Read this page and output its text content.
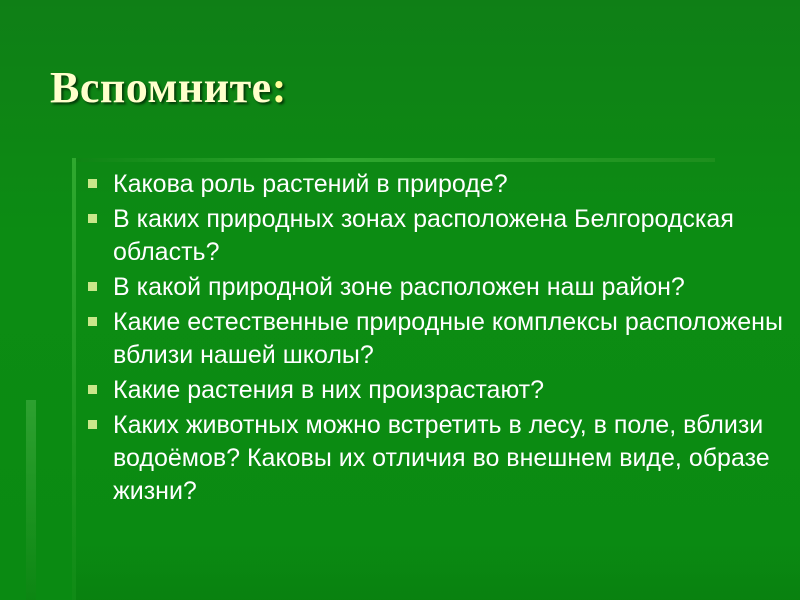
Вспомните:
Какова роль растений в природе?
В каких природных зонах расположена Белгородская область?
В какой природной зоне расположен наш район?
Какие естественные природные комплексы расположены вблизи нашей школы?
Какие растения в них произрастают?
Каких животных можно встретить в лесу, в поле, вблизи водоёмов? Каковы их отличия во внешнем виде, образе жизни?
